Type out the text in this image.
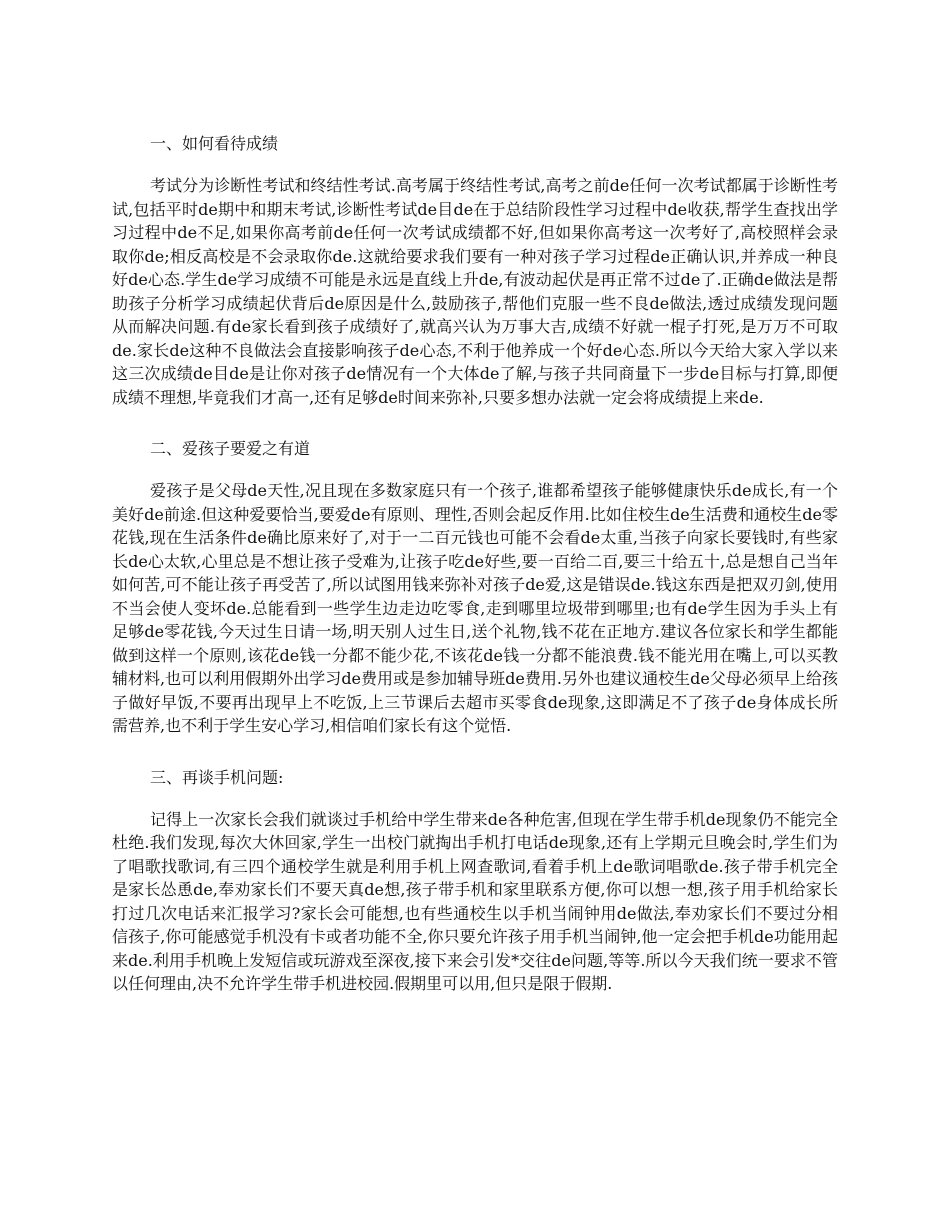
一、如何看待成绩

考试分为诊断性考试和终结性考试.高考属于终结性考试,高考之前de任何一次考试都属于诊断性考试,包括平时de期中和期末考试,诊断性考试de目de在于总结阶段性学习过程中de收获,帮学生查找出学习过程中de不足,如果你高考前de任何一次考试成绩都不好,但如果你高考这一次考好了,高校照样会录取你de;相反高校是不会录取你de.这就给要求我们要有一种对孩子学习过程de正确认识,并养成一种良好de心态.学生de学习成绩不可能是永远是直线上升de,有波动起伏是再正常不过de了.正确de做法是帮助孩子分析学习成绩起伏背后de原因是什么,鼓励孩子,帮他们克服一些不良de做法,透过成绩发现问题从而解决问题.有de家长看到孩子成绩好了,就高兴认为万事大吉,成绩不好就一棍子打死,是万万不可取de.家长de这种不良做法会直接影响孩子de心态,不利于他养成一个好de心态.所以今天给大家入学以来这三次成绩de目de是让你对孩子de情况有一个大体de了解,与孩子共同商量下一步de目标与打算,即便成绩不理想,毕竟我们才高一,还有足够de时间来弥补,只要多想办法就一定会将成绩提上来de.

二、爱孩子要爱之有道

爱孩子是父母de天性,况且现在多数家庭只有一个孩子,谁都希望孩子能够健康快乐de成长,有一个美好de前途.但这种爱要恰当,要爱de有原则、理性,否则会起反作用.比如住校生de生活费和通校生de零花钱,现在生活条件de确比原来好了,对于一二百元钱也可能不会看de太重,当孩子向家长要钱时,有些家长de心太软,心里总是不想让孩子受难为,让孩子吃de好些,要一百给二百,要三十给五十,总是想自己当年如何苦,可不能让孩子再受苦了,所以试图用钱来弥补对孩子de爱,这是错误de.钱这东西是把双刃剑,使用不当会使人变坏de.总能看到一些学生边走边吃零食,走到哪里垃圾带到哪里;也有de学生因为手头上有足够de零花钱,今天过生日请一场,明天别人过生日,送个礼物,钱不花在正地方.建议各位家长和学生都能做到这样一个原则,该花de钱一分都不能少花,不该花de钱一分都不能浪费.钱不能光用在嘴上,可以买教辅材料,也可以利用假期外出学习de费用或是参加辅导班de费用.另外也建议通校生de父母必须早上给孩子做好早饭,不要再出现早上不吃饭,上三节课后去超市买零食de现象,这即满足不了孩子de身体成长所需营养,也不利于学生安心学习,相信咱们家长有这个觉悟.

三、再谈手机问题:

记得上一次家长会我们就谈过手机给中学生带来de各种危害,但现在学生带手机de现象仍不能完全杜绝.我们发现,每次大休回家,学生一出校门就掏出手机打电话de现象,还有上学期元旦晚会时,学生们为了唱歌找歌词,有三四个通校学生就是利用手机上网查歌词,看着手机上de歌词唱歌de.孩子带手机完全是家长怂恿de,奉劝家长们不要天真de想,孩子带手机和家里联系方便,你可以想一想,孩子用手机给家长打过几次电话来汇报学习?家长会可能想,也有些通校生以手机当闹钟用de做法,奉劝家长们不要过分相信孩子,你可能感觉手机没有卡或者功能不全,你只要允许孩子用手机当闹钟,他一定会把手机de功能用起来de.利用手机晚上发短信或玩游戏至深夜,接下来会引发*交往de问题,等等.所以今天我们统一要求不管以任何理由,决不允许学生带手机进校园.假期里可以用,但只是限于假期.
